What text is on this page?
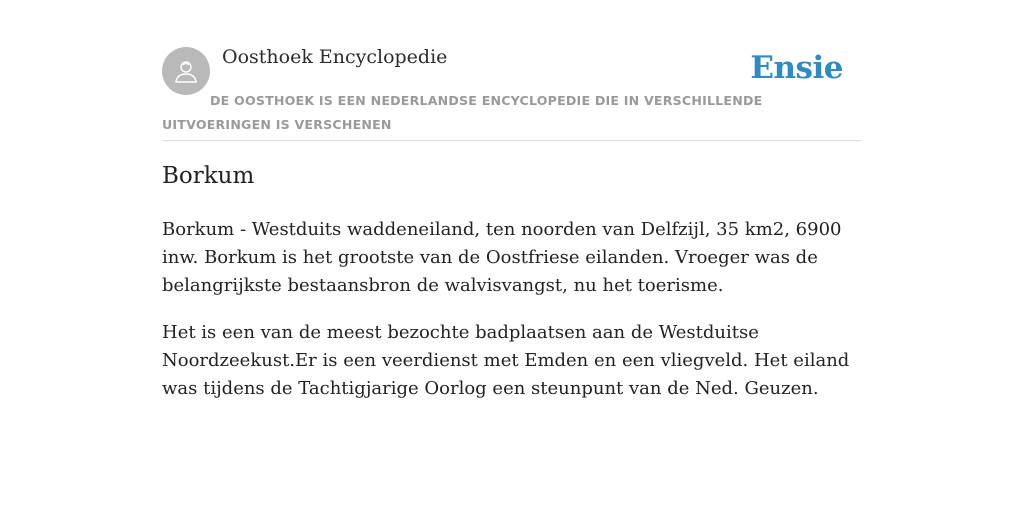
Oosthoek Encyclopedie	Ensie
DE OOSTHOEK IS EEN NEDERLANDSE ENCYCLOPEDIE DIE IN VERSCHILLENDE UITVOERINGEN IS VERSCHENEN
Borkum

Borkum - Westduits waddeneiland, ten noorden van Delfzijl, 35 km2, 6900 inw. Borkum is het grootste van de Oostfriese eilanden. Vroeger was de belangrijkste bestaansbron de walvisvangst, nu het toerisme.

Het is een van de meest bezochte badplaatsen aan de Westduitse Noordzeekust.Er is een veerdienst met Emden en een vliegveld. Het eiland was tijdens de Tachtigjarige Oorlog een steunpunt van de Ned. Geuzen.
